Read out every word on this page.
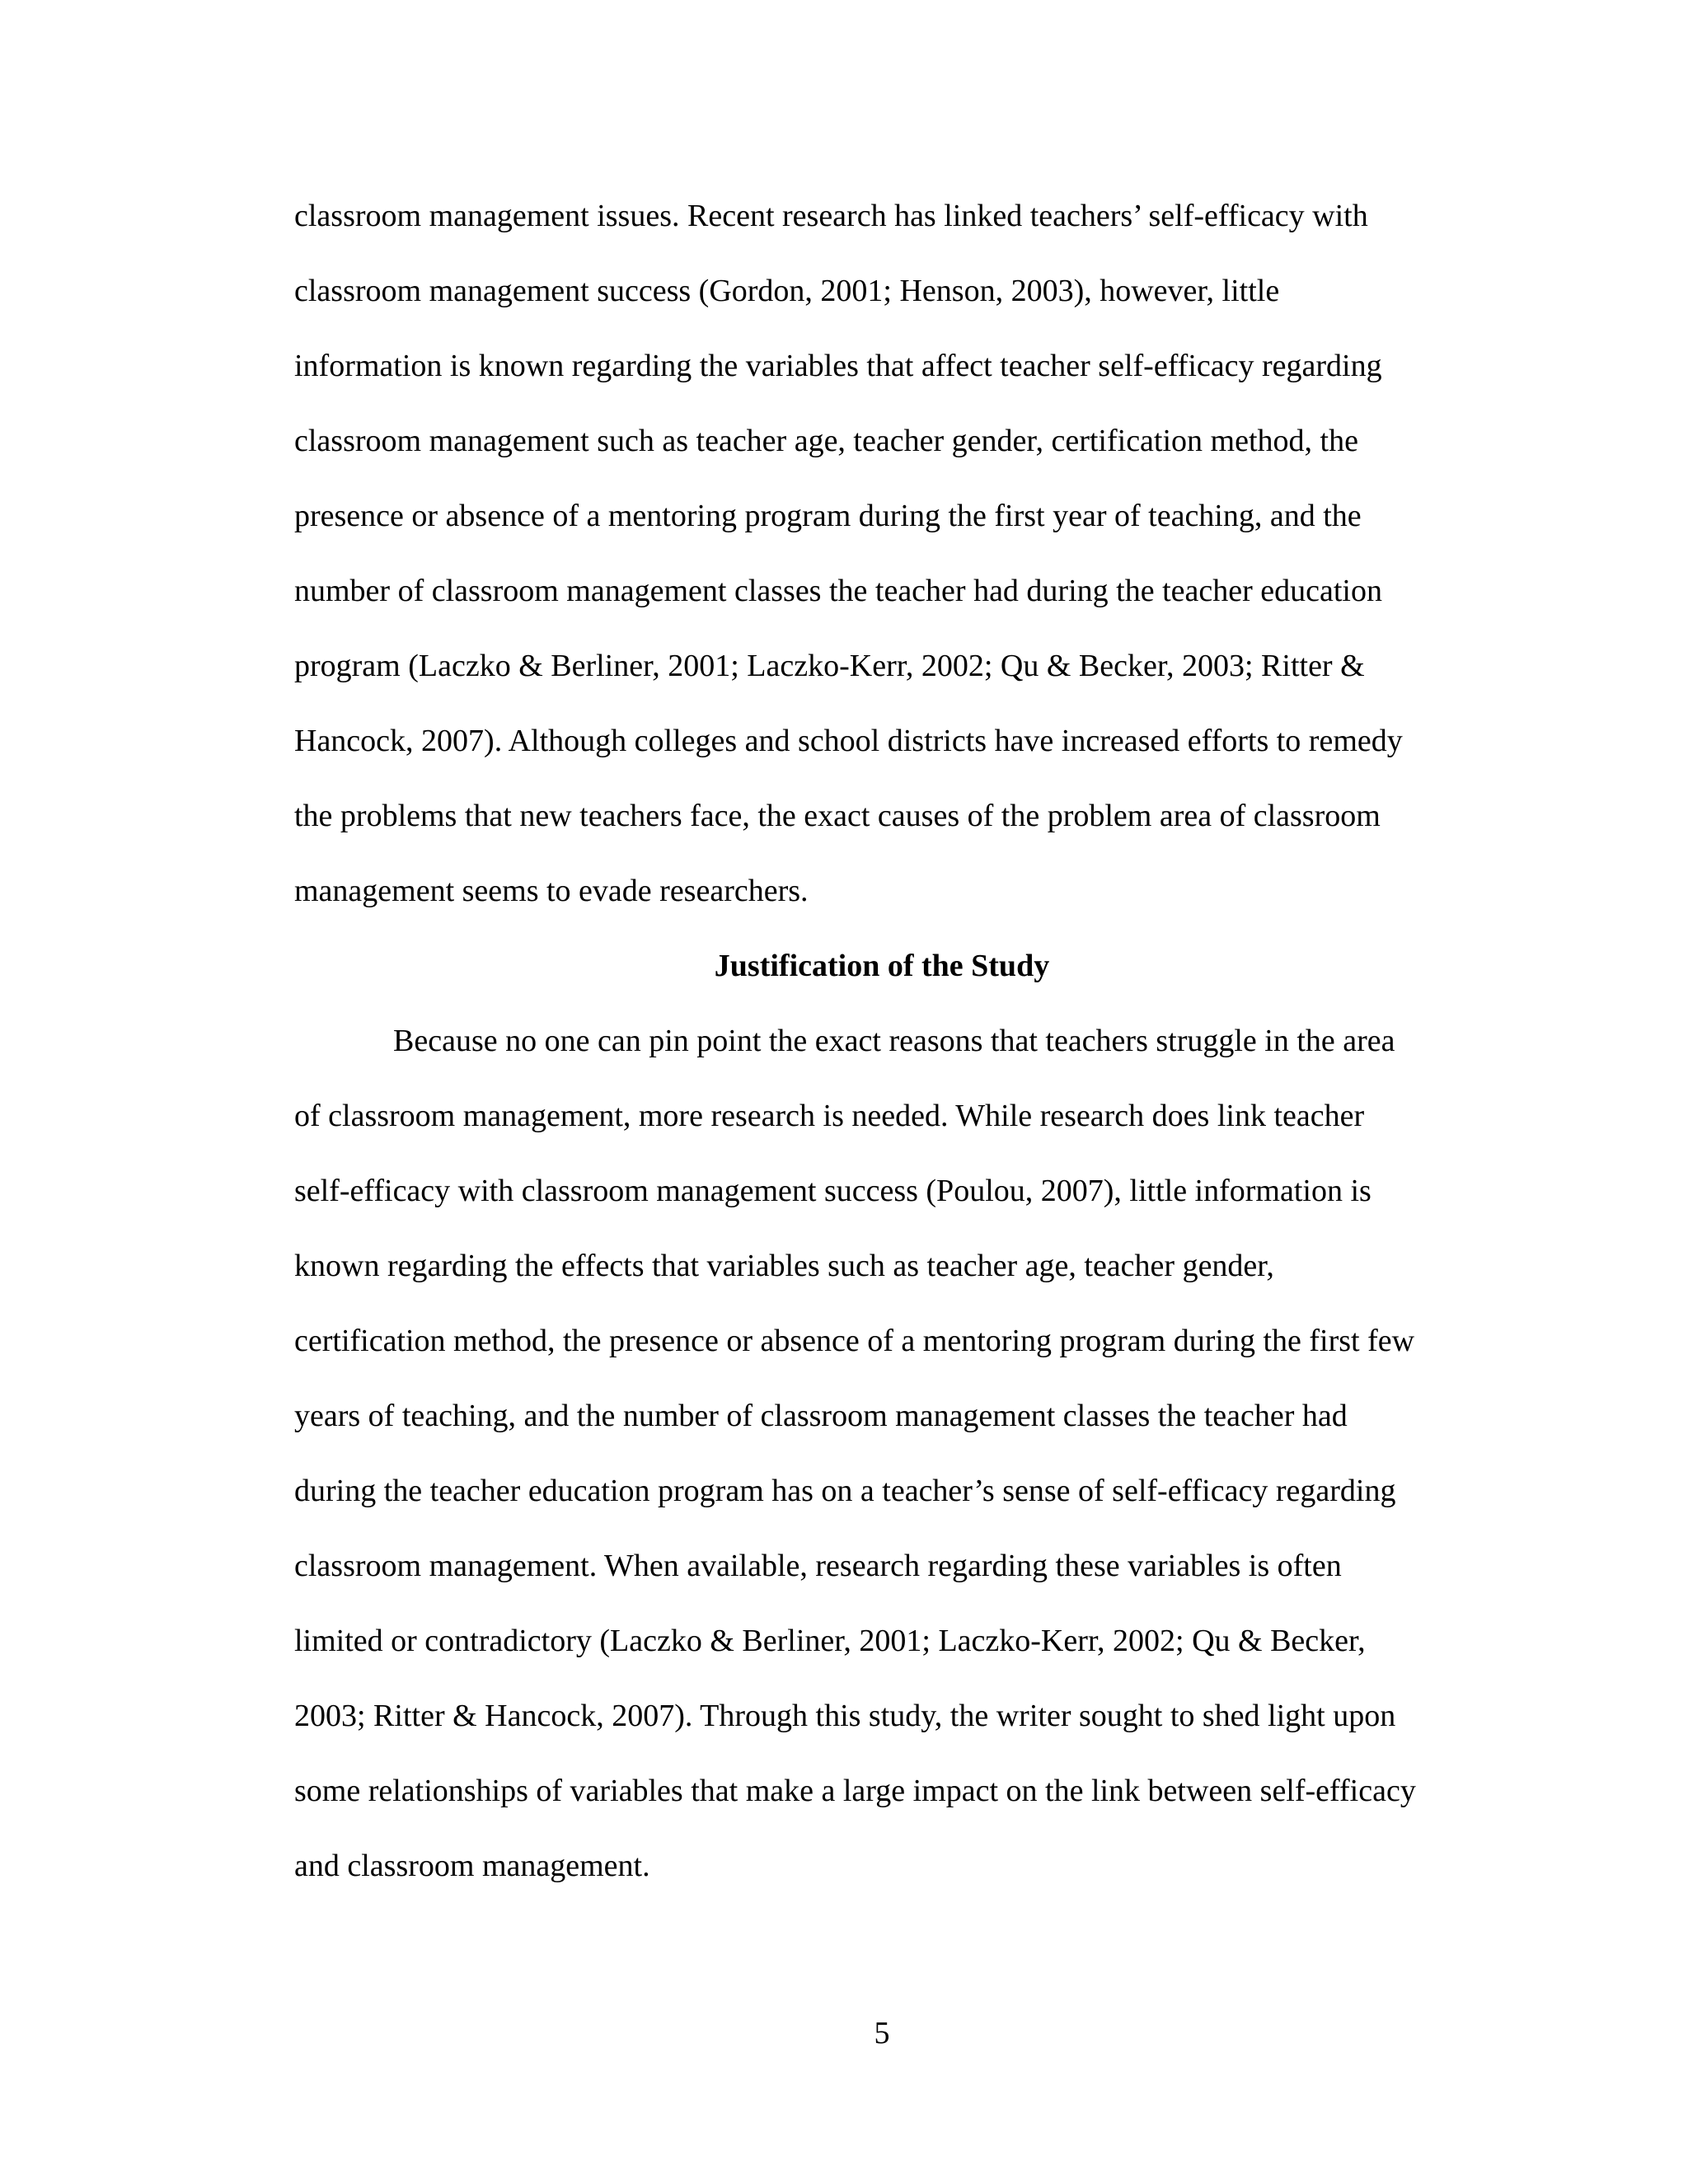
classroom management issues. Recent research has linked teachers’ self-efficacy with
classroom management success (Gordon, 2001; Henson, 2003), however, little
information is known regarding the variables that affect teacher self-efficacy regarding
classroom management such as teacher age, teacher gender, certification method, the
presence or absence of a mentoring program during the first year of teaching, and the
number of classroom management classes the teacher had during the teacher education
program (Laczko & Berliner, 2001; Laczko-Kerr, 2002; Qu & Becker, 2003; Ritter &
Hancock, 2007). Although colleges and school districts have increased efforts to remedy
the problems that new teachers face, the exact causes of the problem area of classroom
management seems to evade researchers.
Justification of the Study
Because no one can pin point the exact reasons that teachers struggle in the area
of classroom management, more research is needed. While research does link teacher
self-efficacy with classroom management success (Poulou, 2007), little information is
known regarding the effects that variables such as teacher age, teacher gender,
certification method, the presence or absence of a mentoring program during the first few
years of teaching, and the number of classroom management classes the teacher had
during the teacher education program has on a teacher’s sense of self-efficacy regarding
classroom management. When available, research regarding these variables is often
limited or contradictory (Laczko & Berliner, 2001; Laczko-Kerr, 2002; Qu & Becker,
2003; Ritter & Hancock, 2007). Through this study, the writer sought to shed light upon
some relationships of variables that make a large impact on the link between self-efficacy
and classroom management.
5
